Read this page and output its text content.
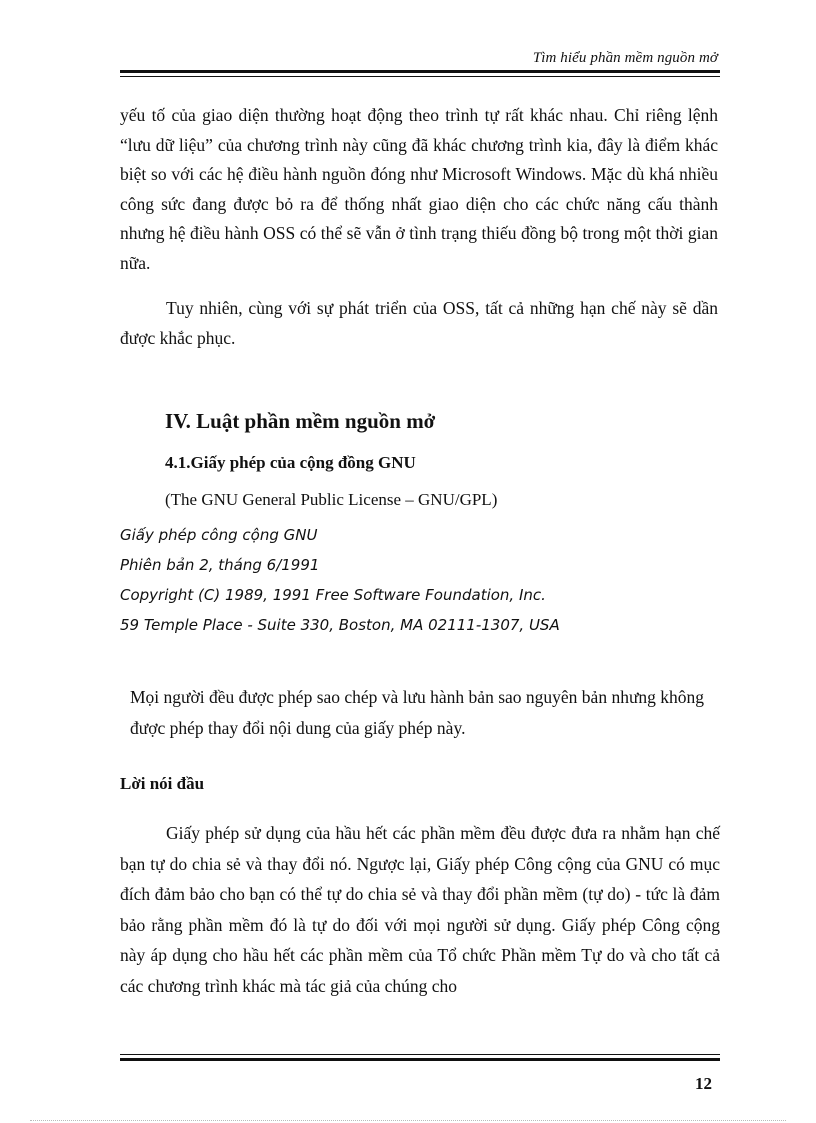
Tìm hiểu phần mềm nguồn mở

yếu tố của giao diện thường hoạt động theo trình tự rất khác nhau. Chỉ riêng lệnh “lưu dữ liệu” của chương trình này cũng đã khác chương trình kia, đây là điểm khác biệt so với các hệ điều hành nguồn đóng như Microsoft Windows. Mặc dù khá nhiều công sức đang được bỏ ra để thống nhất giao diện cho các chức năng cấu thành nhưng hệ điều hành OSS có thể sẽ vẫn ở tình trạng thiếu đồng bộ trong một thời gian nữa.

Tuy nhiên, cùng với sự phát triển của OSS, tất cả những hạn chế này sẽ dần được khắc phục.

IV. Luật phần mềm nguồn mở
4.1.Giấy phép của cộng đồng GNU

(The GNU General Public License – GNU/GPL)

Giấy phép công cộng GNU
Phiên bản 2, tháng 6/1991
Copyright (C) 1989, 1991 Free Software Foundation, Inc.
59 Temple Place - Suite 330, Boston, MA 02111-1307, USA

Mọi người đều được phép sao chép và lưu hành bản sao nguyên bản nhưng không được phép thay đổi nội dung của giấy phép này.

Lời nói đầu

Giấy phép sử dụng của hầu hết các phần mềm đều được đưa ra nhằm hạn chế bạn tự do chia sẻ và thay đổi nó. Ngược lại, Giấy phép Công cộng của GNU có mục đích đảm bảo cho bạn có thể tự do chia sẻ và thay đổi phần mềm (tự do) - tức là đảm bảo rằng phần mềm đó là tự do đối với mọi người sử dụng. Giấy phép Công cộng này áp dụng cho hầu hết các phần mềm của Tổ chức Phần mềm Tự do và cho tất cả các chương trình khác mà tác giả của chúng cho

12
